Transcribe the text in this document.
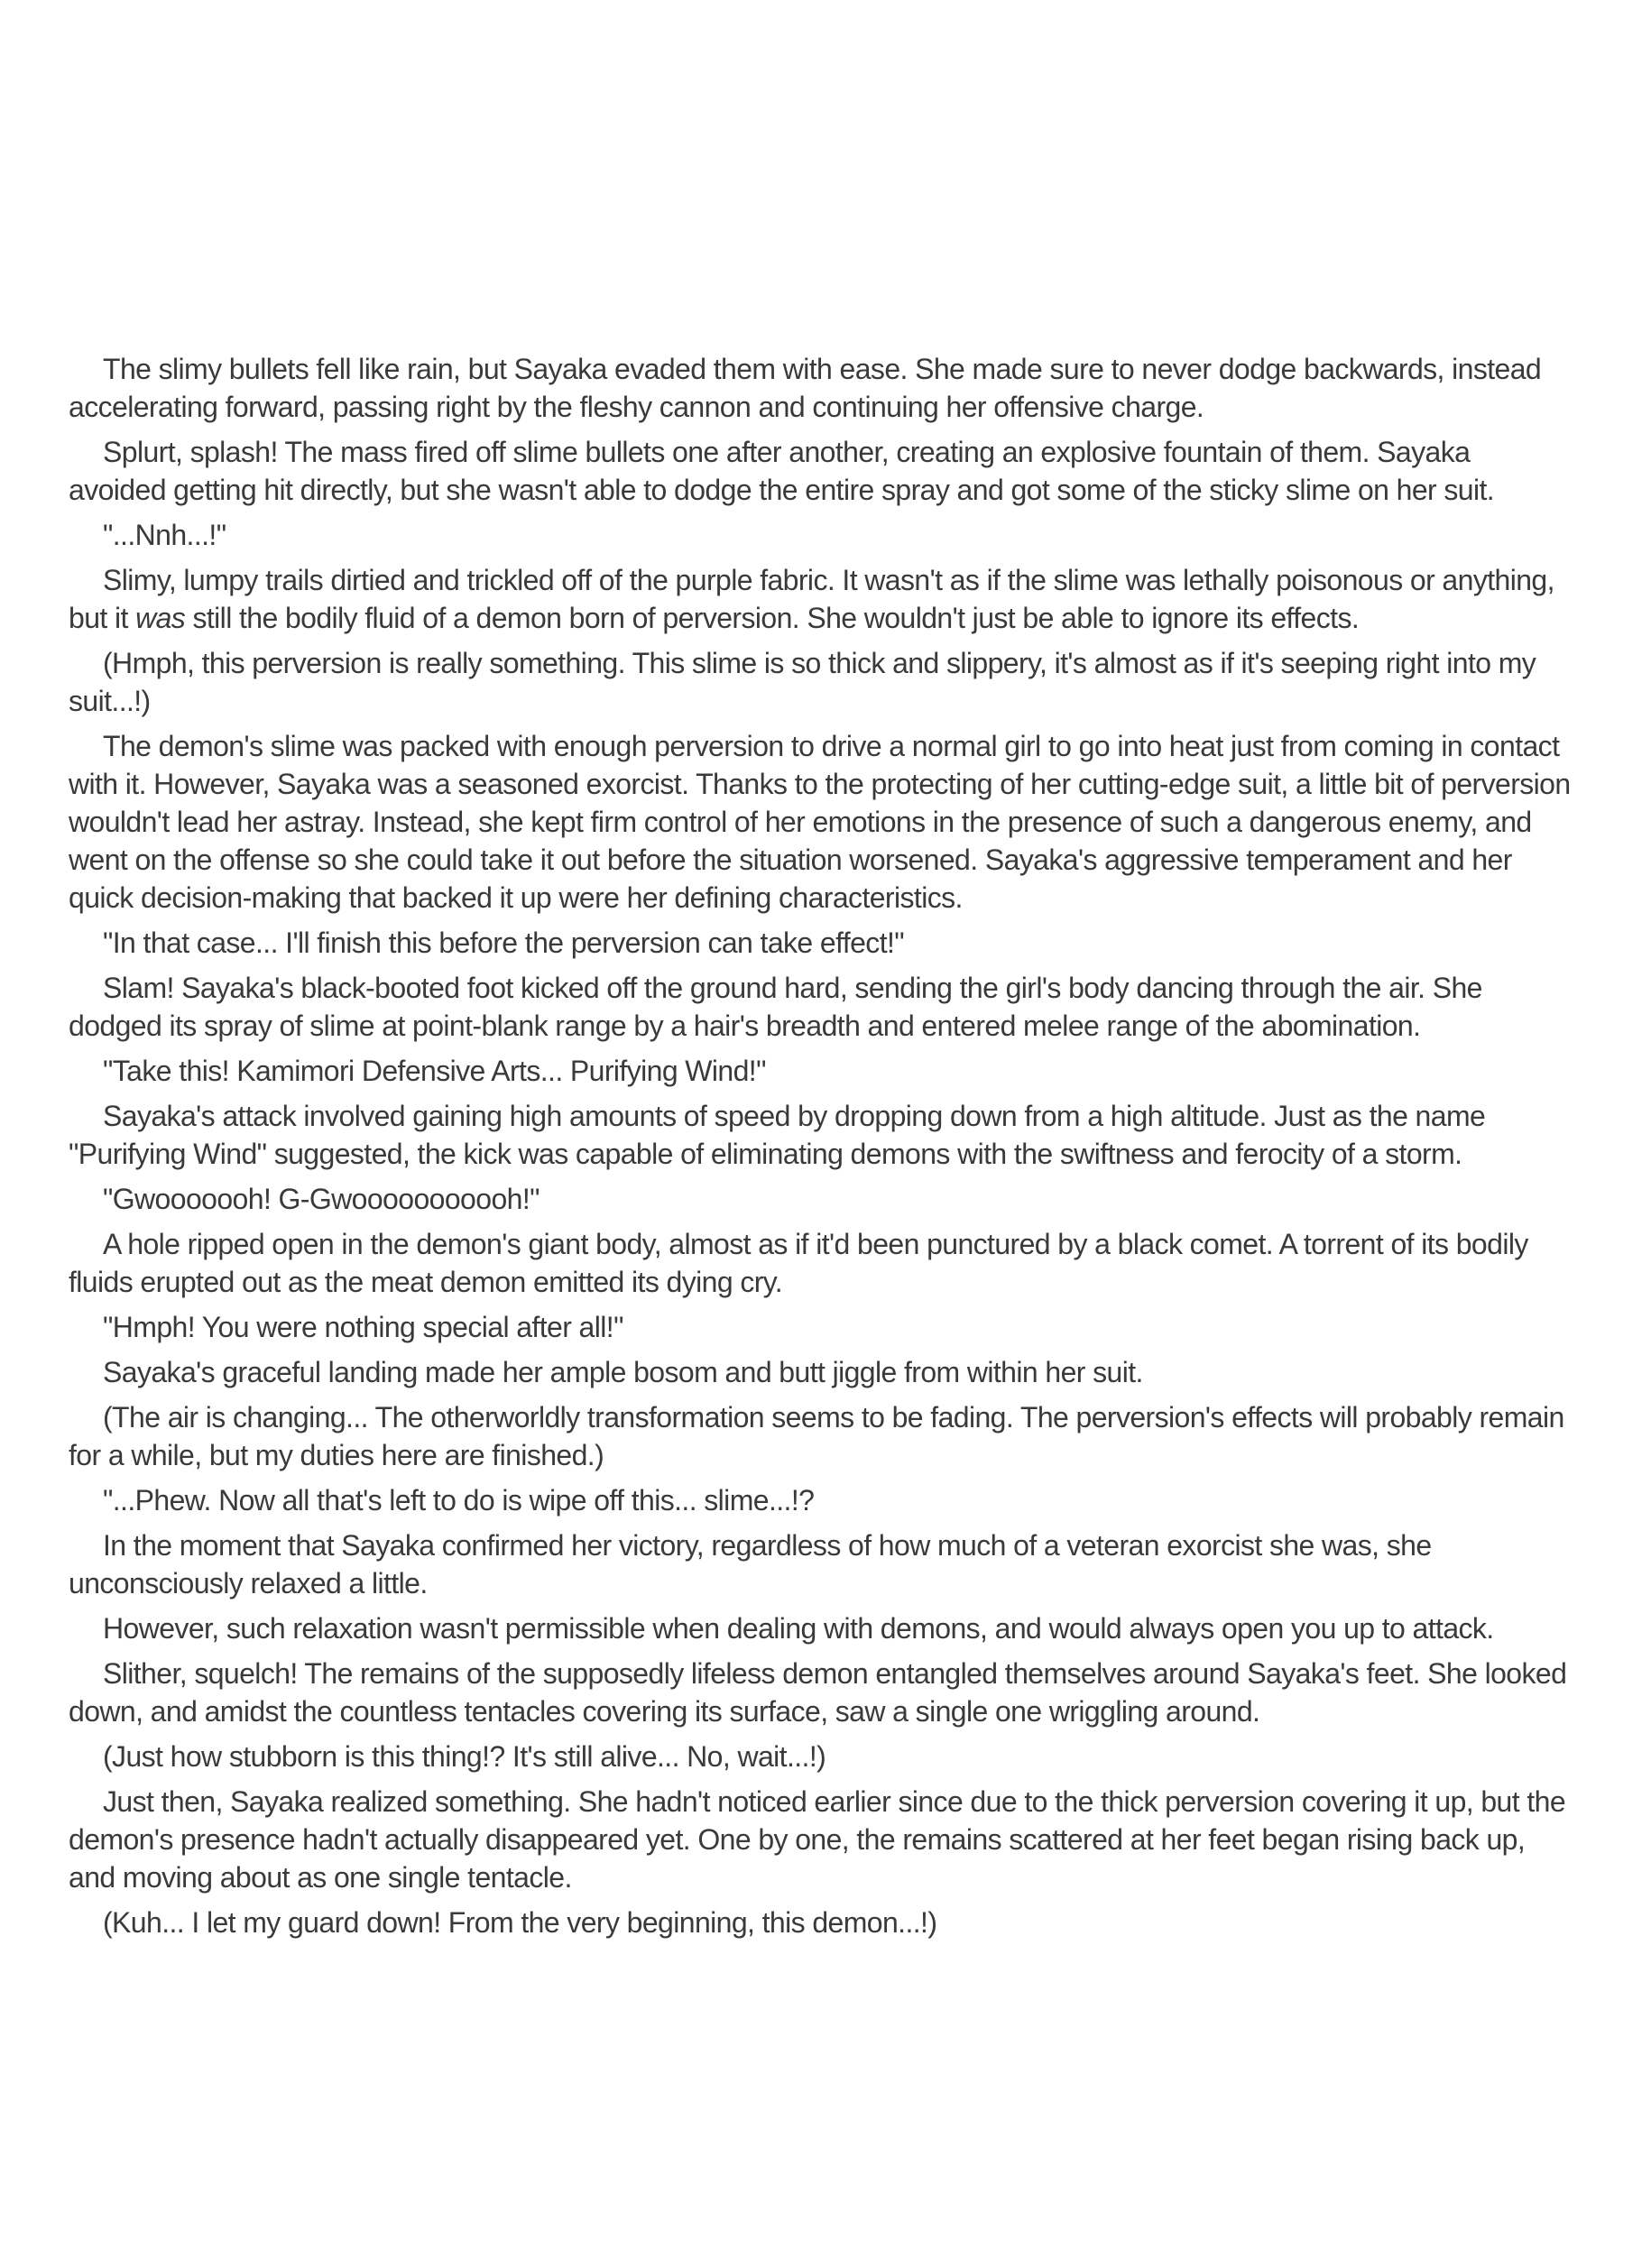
The slimy bullets fell like rain, but Sayaka evaded them with ease. She made sure to never dodge backwards, instead accelerating forward, passing right by the fleshy cannon and continuing her offensive charge.

Splurt, splash! The mass fired off slime bullets one after another, creating an explosive fountain of them. Sayaka avoided getting hit directly, but she wasn't able to dodge the entire spray and got some of the sticky slime on her suit.

"...Nnh...!"

Slimy, lumpy trails dirtied and trickled off of the purple fabric. It wasn't as if the slime was lethally poisonous or anything, but it was still the bodily fluid of a demon born of perversion. She wouldn't just be able to ignore its effects.

(Hmph, this perversion is really something. This slime is so thick and slippery, it's almost as if it's seeping right into my suit...!)

The demon's slime was packed with enough perversion to drive a normal girl to go into heat just from coming in contact with it. However, Sayaka was a seasoned exorcist. Thanks to the protecting of her cutting-edge suit, a little bit of perversion wouldn't lead her astray. Instead, she kept firm control of her emotions in the presence of such a dangerous enemy, and went on the offense so she could take it out before the situation worsened. Sayaka's aggressive temperament and her quick decision-making that backed it up were her defining characteristics.

"In that case... I'll finish this before the perversion can take effect!"

Slam! Sayaka's black-booted foot kicked off the ground hard, sending the girl's body dancing through the air. She dodged its spray of slime at point-blank range by a hair's breadth and entered melee range of the abomination.

"Take this! Kamimori Defensive Arts... Purifying Wind!"

Sayaka's attack involved gaining high amounts of speed by dropping down from a high altitude. Just as the name "Purifying Wind" suggested, the kick was capable of eliminating demons with the swiftness and ferocity of a storm.

"Gwooooooh! G-Gwooooooooooh!"

A hole ripped open in the demon's giant body, almost as if it'd been punctured by a black comet. A torrent of its bodily fluids erupted out as the meat demon emitted its dying cry.

"Hmph! You were nothing special after all!"

Sayaka's graceful landing made her ample bosom and butt jiggle from within her suit.

(The air is changing... The otherworldly transformation seems to be fading. The perversion's effects will probably remain for a while, but my duties here are finished.)

"...Phew. Now all that's left to do is wipe off this... slime...!?

In the moment that Sayaka confirmed her victory, regardless of how much of a veteran exorcist she was, she unconsciously relaxed a little.

However, such relaxation wasn't permissible when dealing with demons, and would always open you up to attack.

Slither, squelch! The remains of the supposedly lifeless demon entangled themselves around Sayaka's feet. She looked down, and amidst the countless tentacles covering its surface, saw a single one wriggling around.

(Just how stubborn is this thing!? It's still alive... No, wait...!)

Just then, Sayaka realized something. She hadn't noticed earlier since due to the thick perversion covering it up, but the demon's presence hadn't actually disappeared yet. One by one, the remains scattered at her feet began rising back up, and moving about as one single tentacle.

(Kuh... I let my guard down! From the very beginning, this demon...!)
